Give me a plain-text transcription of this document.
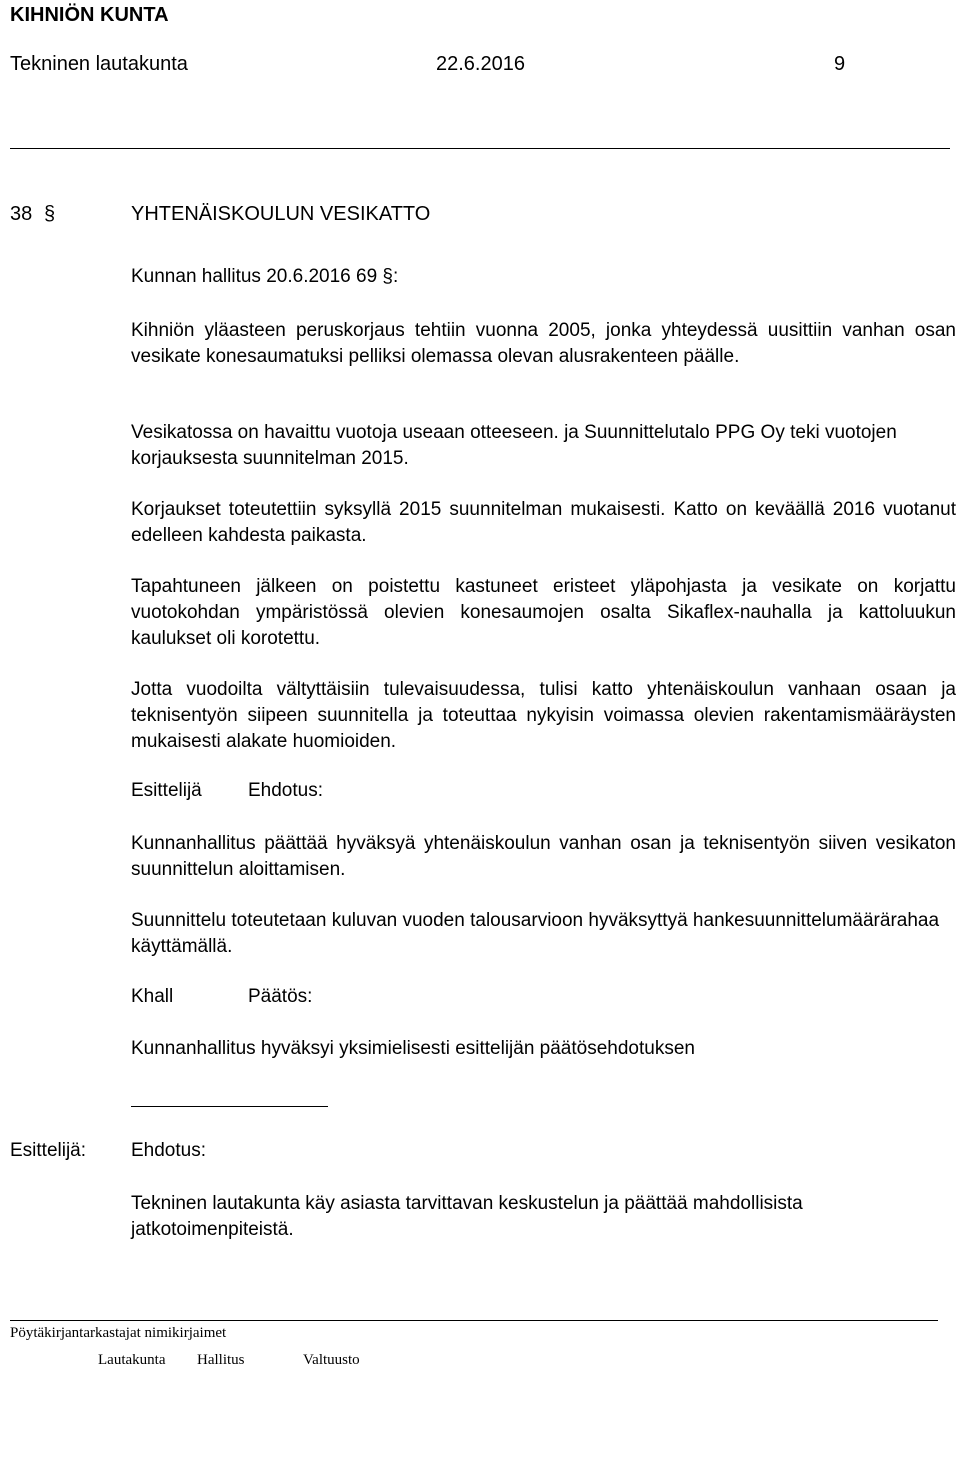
KIHNIÖN KUNTA
Tekninen lautakunta	22.6.2016	9
38 §	YHTENÄISKOULUN VESIKATTO
Kunnan hallitus 20.6.2016 69 §:

Kihniön yläasteen peruskorjaus tehtiin vuonna 2005, jonka yhteydessä uusittiin vanhan osan vesikate konesaumatuksi pelliksi olemassa olevan alusrakenteen päälle.

Vesikatossa on havaittu vuotoja useaan otteeseen. ja Suunnittelutalo PPG Oy teki vuotojen korjauksesta suunnitelman 2015.

Korjaukset toteutettiin syksyllä 2015 suunnitelman mukaisesti. Katto on keväällä 2016 vuotanut edelleen kahdesta paikasta.

Tapahtuneen jälkeen on poistettu kastuneet eristeet yläpohjasta ja vesikate on korjattu vuotokohdan ympäristössä olevien konesaumojen osalta Sikaflex-nauhalla ja kattoluukun kaulukset oli korotettu.

Jotta vuodoilta vältyttäisiin tulevaisuudessa, tulisi katto yhtenäiskoulun vanhaan osaan ja teknisentyön siipeen suunnitella ja toteuttaa nykyisin voimassa olevien rakentamismääräysten mukaisesti alakate huomioiden.

Esittelijä Ehdotus:

Kunnanhallitus päättää hyväksyä yhtenäiskoulun vanhan osan ja teknisentyön siiven vesikaton suunnittelun aloittamisen.

Suunnittelu toteutetaan kuluvan vuoden talousarvioon hyväksyttyä hankesuunnittelumäärärahaa käyttämällä.

Khall	Päätös:
Kunnanhallitus hyväksyi yksimielisesti esittelijän päätösehdotuksen
Esittelijä: Ehdotus:

Tekninen lautakunta käy asiasta tarvittavan keskustelun ja päättää mahdollisista jatkotoimenpiteistä.

Pöytäkirjantarkastajat nimikirjaimet
Lautakunta Hallitus	Valtuusto
